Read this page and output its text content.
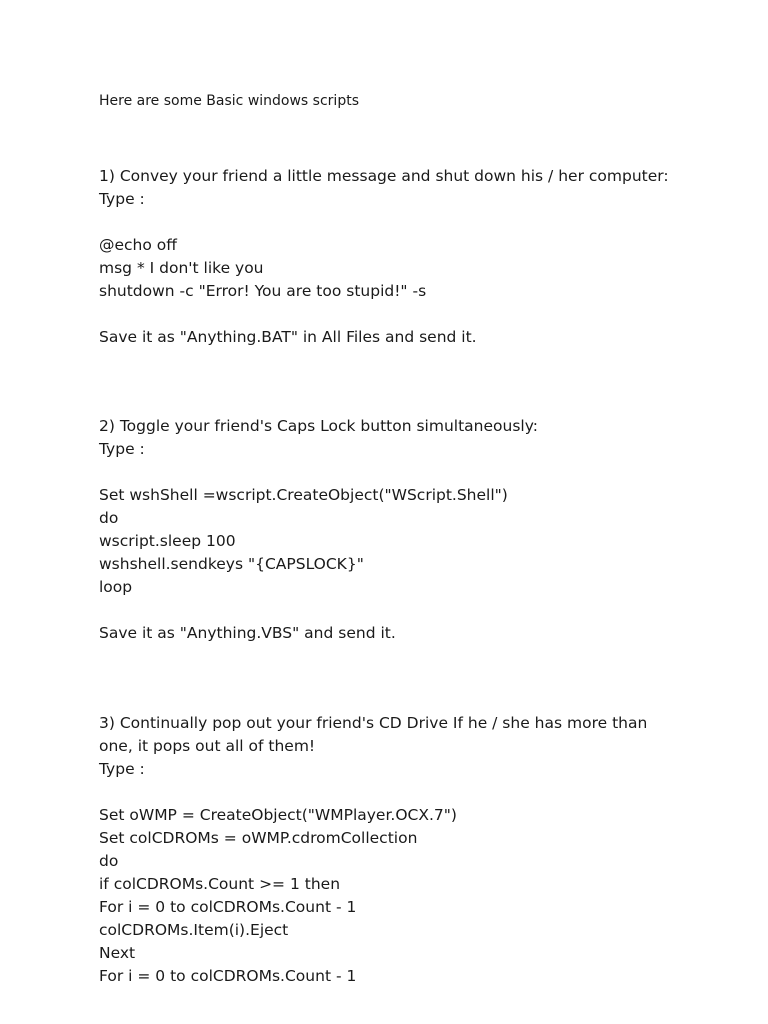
Here are some Basic windows scripts
1) Convey your friend a little message and shut down his / her computer:
Type :
@echo off
msg * I don't like you
shutdown -c "Error! You are too stupid!" -s
Save it as "Anything.BAT" in All Files and send it.
2) Toggle your friend's Caps Lock button simultaneously:
Type :
Set wshShell =wscript.CreateObject("WScript.Shell")
do
wscript.sleep 100
wshshell.sendkeys "{CAPSLOCK}"
loop
Save it as "Anything.VBS" and send it.
3) Continually pop out your friend's CD Drive If he / she has more than
one, it pops out all of them!
Type :
Set oWMP = CreateObject("WMPlayer.OCX.7")
Set colCDROMs = oWMP.cdromCollection
do
if colCDROMs.Count >= 1 then
For i = 0 to colCDROMs.Count - 1
colCDROMs.Item(i).Eject
Next
For i = 0 to colCDROMs.Count - 1
